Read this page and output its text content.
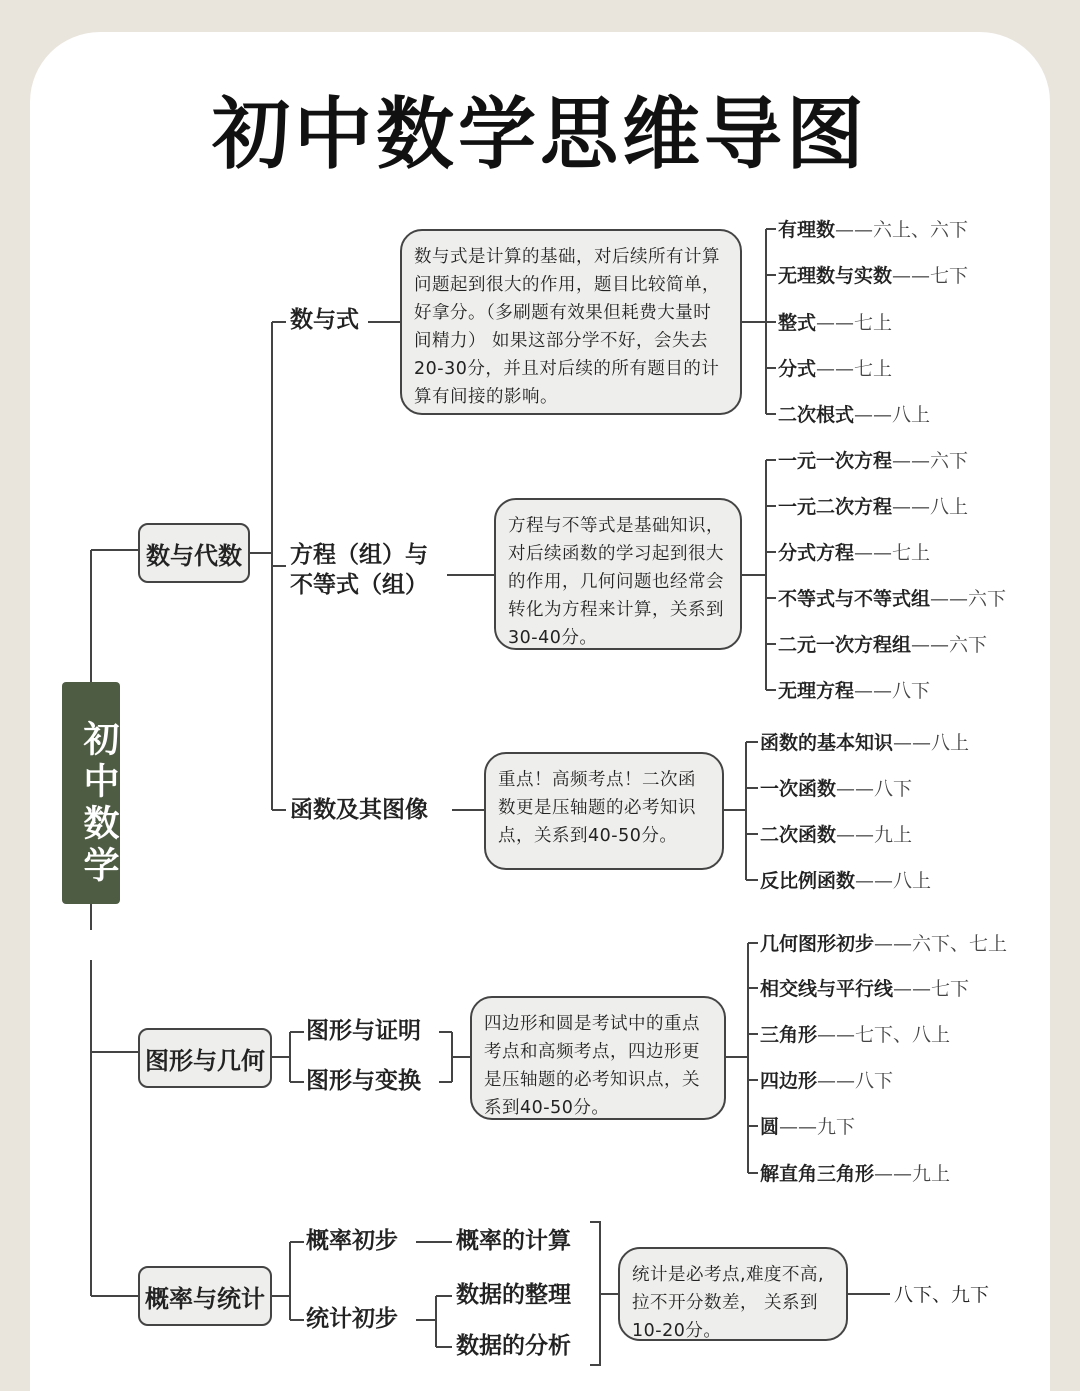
初中数学思维导图
初中数学
数与代数
图形与几何
概率与统计
数与式
方程（组）与
不等式（组）
函数及其图像
数与式是计算的基础，对后续所有计算问题起到很大的作用，题目比较简单，好拿分。（多刷题有效果但耗费大量时间精力） 如果这部分学不好，会失去20-30分，并且对后续的所有题目的计算有间接的影响。
方程与不等式是基础知识，对后续函数的学习起到很大的作用，几何问题也经常会转化为方程来计算，关系到30-40分。
重点！高频考点！二次函数更是压轴题的必考知识点，关系到40-50分。
有理数——六上、六下
无理数与实数——七下
整式——七上
分式——七上
二次根式——八上
一元一次方程——六下
一元二次方程——八上
分式方程——七上
不等式与不等式组——六下
二元一次方程组——六下
无理方程——八下
函数的基本知识——八上
一次函数——八下
二次函数——九上
反比例函数——八上
图形与证明
图形与变换
四边形和圆是考试中的重点考点和高频考点，四边形更是压轴题的必考知识点，关系到40-50分。
几何图形初步——六下、七上
相交线与平行线——七下
三角形——七下、八上
四边形——八下
圆——九下
解直角三角形——九上
概率初步
统计初步
概率的计算
数据的整理
数据的分析
统计是必考点,难度不高,拉不开分数差， 关系到10-20分。
八下、九下
